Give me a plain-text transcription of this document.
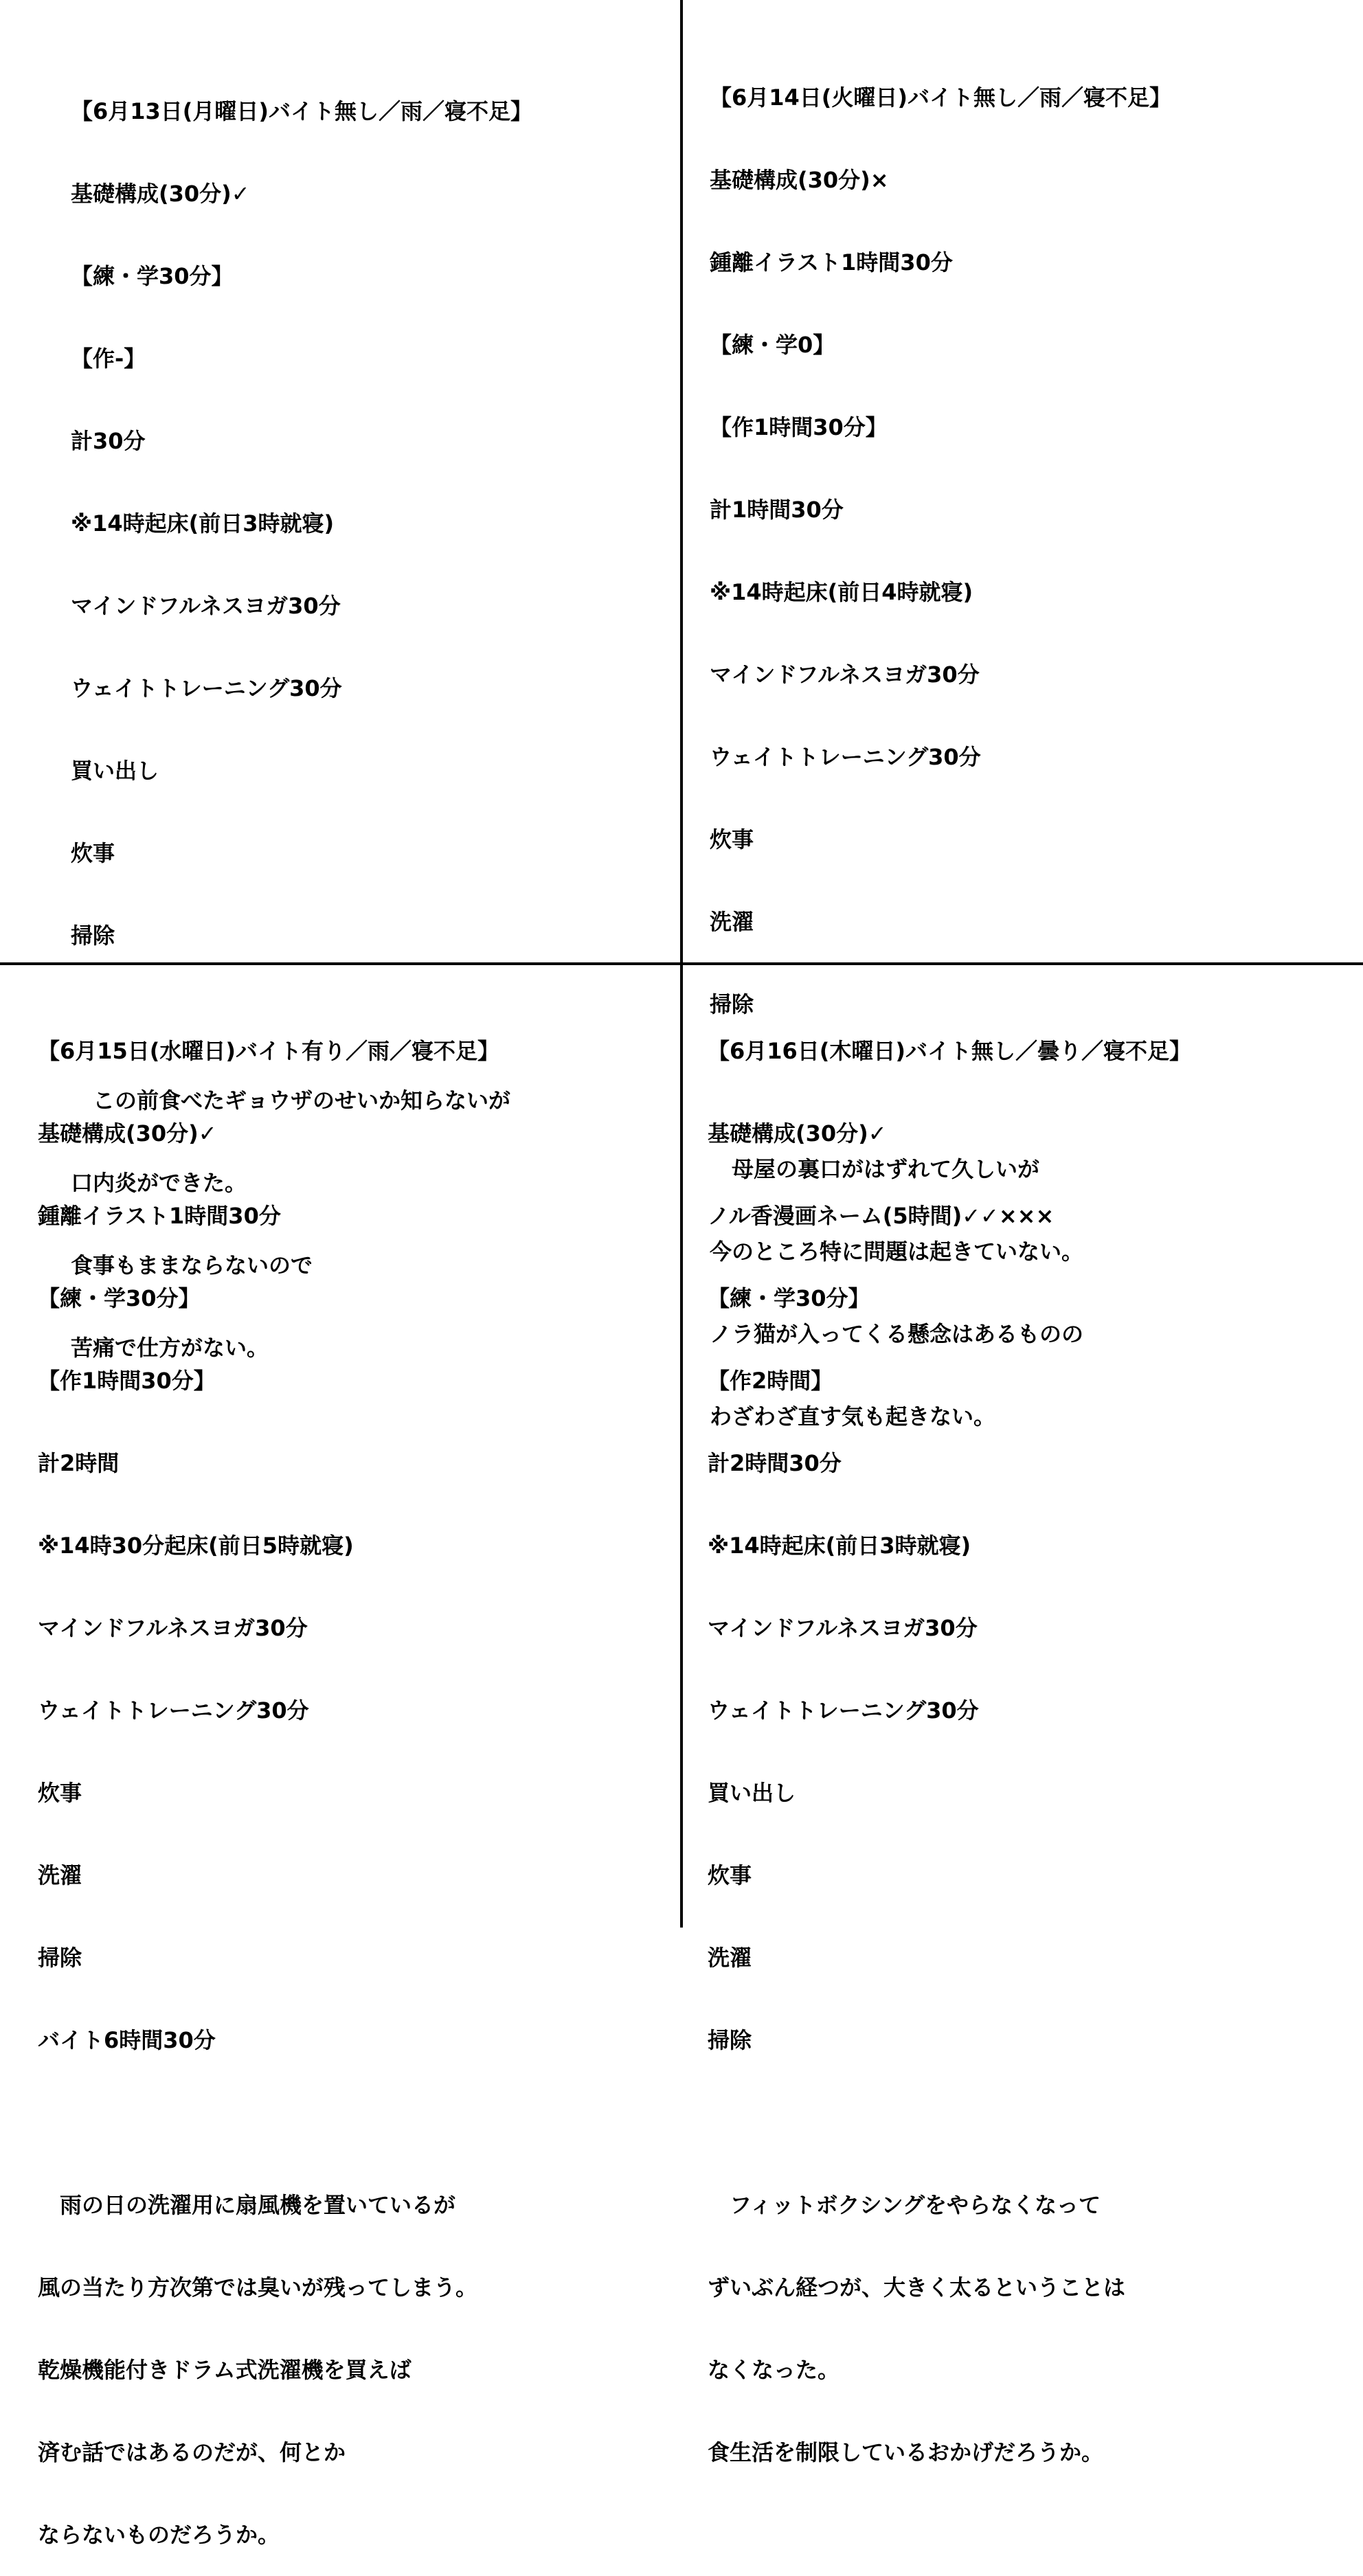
【6月13日(月曜日)バイト無し／雨／寝不足】

基礎構成(30分)✓

【練・学30分】

【作-】

計30分

※14時起床(前日3時就寝)

マインドフルネスヨガ30分

ウェイトトレーニング30分

買い出し

炊事

掃除

　この前食べたギョウザのせいか知らないが

口内炎ができた。

食事もままならないので

苦痛で仕方がない。

【6月14日(火曜日)バイト無し／雨／寝不足】

基礎構成(30分)×

鍾離イラスト1時間30分

【練・学0】

【作1時間30分】

計1時間30分

※14時起床(前日4時就寝)

マインドフルネスヨガ30分

ウェイトトレーニング30分

炊事

洗濯

掃除

　母屋の裏口がはずれて久しいが

今のところ特に問題は起きていない。

ノラ猫が入ってくる懸念はあるものの

わざわざ直す気も起きない。

【6月15日(水曜日)バイト有り／雨／寝不足】

基礎構成(30分)✓

鍾離イラスト1時間30分

【練・学30分】

【作1時間30分】

計2時間

※14時30分起床(前日5時就寝)

マインドフルネスヨガ30分

ウェイトトレーニング30分

炊事

洗濯

掃除

バイト6時間30分

　雨の日の洗濯用に扇風機を置いているが

風の当たり方次第では臭いが残ってしまう。

乾燥機能付きドラム式洗濯機を買えば

済む話ではあるのだが、何とか

ならないものだろうか。

【6月16日(木曜日)バイト無し／曇り／寝不足】

基礎構成(30分)✓

ノル香漫画ネーム(5時間)✓✓×××

【練・学30分】

【作2時間】

計2時間30分

※14時起床(前日3時就寝)

マインドフルネスヨガ30分

ウェイトトレーニング30分

買い出し

炊事

洗濯

掃除

　フィットボクシングをやらなくなって

ずいぶん経つが、大きく太るということは

なくなった。

食生活を制限しているおかげだろうか。
